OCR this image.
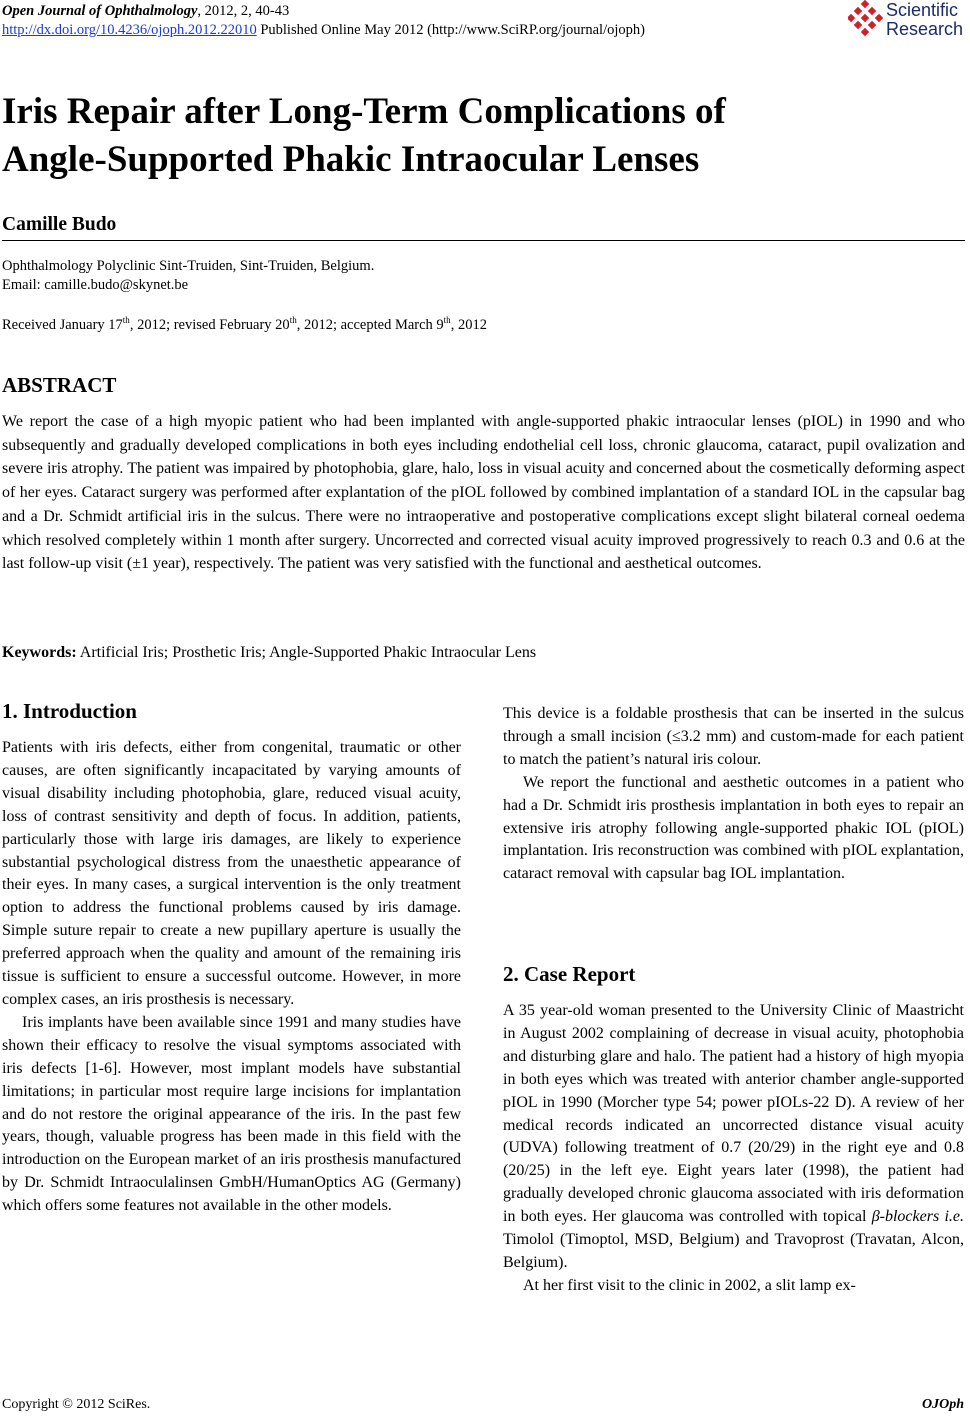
Open Journal of Ophthalmology, 2012, 2, 40-43
http://dx.doi.org/10.4236/ojoph.2012.22010 Published Online May 2012 (http://www.SciRP.org/journal/ojoph)
Scientific
Research
Iris Repair after Long-Term Complications of
Angle-Supported Phakic Intraocular Lenses
Camille Budo
Ophthalmology Polyclinic Sint-Truiden, Sint-Truiden, Belgium.
Email: camille.budo@skynet.be
Received January 17th, 2012; revised February 20th, 2012; accepted March 9th, 2012
ABSTRACT
We report the case of a high myopic patient who had been implanted with angle-supported phakic intraocular lenses (pIOL) in 1990 and who subsequently and gradually developed complications in both eyes including endothelial cell loss, chronic glaucoma, cataract, pupil ovalization and severe iris atrophy. The patient was impaired by photophobia, glare, halo, loss in visual acuity and concerned about the cosmetically deforming aspect of her eyes. Cataract surgery was performed after explantation of the pIOL followed by combined implantation of a standard IOL in the capsular bag and a Dr. Schmidt artificial iris in the sulcus. There were no intraoperative and postoperative complications except slight bilateral corneal oedema which resolved completely within 1 month after surgery. Uncorrected and corrected visual acuity improved progressively to reach 0.3 and 0.6 at the last follow-up visit (±1 year), respectively. The patient was very satisfied with the functional and aesthetical outcomes.
Keywords: Artificial Iris; Prosthetic Iris; Angle-Supported Phakic Intraocular Lens
1. Introduction

Patients with iris defects, either from congenital, traumatic or other causes, are often significantly incapacitated by varying amounts of visual disability including photophobia, glare, reduced visual acuity, loss of contrast sensitivity and depth of focus. In addition, patients, particularly those with large iris damages, are likely to experience substantial psychological distress from the unaesthetic appearance of their eyes. In many cases, a surgical intervention is the only treatment option to address the functional problems caused by iris damage. Simple suture repair to create a new pupillary aperture is usually the preferred approach when the quality and amount of the remaining iris tissue is sufficient to ensure a successful outcome. However, in more complex cases, an iris prosthesis is necessary.

Iris implants have been available since 1991 and many studies have shown their efficacy to resolve the visual symptoms associated with iris defects [1-6]. However, most implant models have substantial limitations; in particular most require large incisions for implantation and do not restore the original appearance of the iris. In the past few years, though, valuable progress has been made in this field with the introduction on the European market of an iris prosthesis manufactured by Dr. Schmidt Intraoculalinsen GmbH/HumanOptics AG (Germany) which offers some features not available in the other models.

This device is a foldable prosthesis that can be inserted in the sulcus through a small incision (≤3.2 mm) and custom-made for each patient to match the patient’s natural iris colour.

We report the functional and aesthetic outcomes in a patient who had a Dr. Schmidt iris prosthesis implantation in both eyes to repair an extensive iris atrophy following angle-supported phakic IOL (pIOL) implantation. Iris reconstruction was combined with pIOL explantation, cataract removal with capsular bag IOL implantation.

2. Case Report

A 35 year-old woman presented to the University Clinic of Maastricht in August 2002 complaining of decrease in visual acuity, photophobia and disturbing glare and halo. The patient had a history of high myopia in both eyes which was treated with anterior chamber angle-supported pIOL in 1990 (Morcher type 54; power pIOLs-22 D). A review of her medical records indicated an uncorrected distance visual acuity (UDVA) following treatment of 0.7 (20/29) in the right eye and 0.8 (20/25) in the left eye. Eight years later (1998), the patient had gradually developed chronic glaucoma associated with iris deformation in both eyes. Her glaucoma was controlled with topical β-blockers i.e. Timolol (Timoptol, MSD, Belgium) and Travoprost (Travatan, Alcon, Belgium).

At her first visit to the clinic in 2002, a slit lamp ex-

Copyright © 2012 SciRes.	OJOph
